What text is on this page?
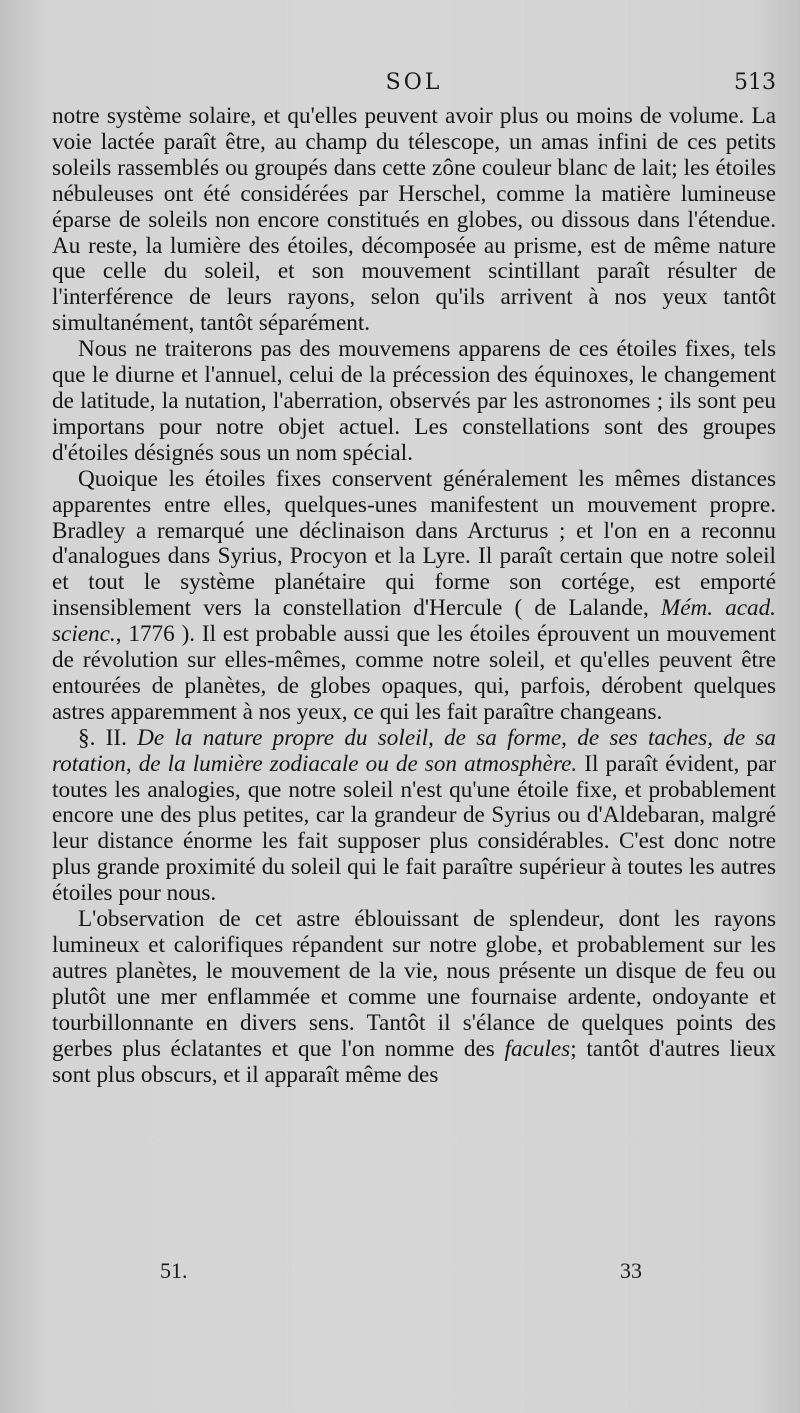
SOL	513

notre système solaire, et qu'elles peuvent avoir plus ou moins de volume. La voie lactée paraît être, au champ du télescope, un amas infini de ces petits soleils rassemblés ou groupés dans cette zône couleur blanc de lait; les étoiles nébuleuses ont été considérées par Herschel, comme la matière lumineuse éparse de soleils non encore constitués en globes, ou dissous dans l'étendue. Au reste, la lumière des étoiles, décomposée au prisme, est de même nature que celle du soleil, et son mouvement scintillant paraît résulter de l'interférence de leurs rayons, selon qu'ils arrivent à nos yeux tantôt simultanément, tantôt séparément.

Nous ne traiterons pas des mouvemens apparens de ces étoiles fixes, tels que le diurne et l'annuel, celui de la précession des équinoxes, le changement de latitude, la nutation, l'aberration, observés par les astronomes ; ils sont peu importans pour notre objet actuel. Les constellations sont des groupes d'étoiles désignés sous un nom spécial.

Quoique les étoiles fixes conservent généralement les mêmes distances apparentes entre elles, quelques-unes manifestent un mouvement propre. Bradley a remarqué une déclinaison dans Arcturus ; et l'on en a reconnu d'analogues dans Syrius, Procyon et la Lyre. Il paraît certain que notre soleil et tout le système planétaire qui forme son cortége, est emporté insensiblement vers la constellation d'Hercule ( de Lalande, Mém. acad. scienc., 1776 ). Il est probable aussi que les étoiles éprouvent un mouvement de révolution sur elles-mêmes, comme notre soleil, et qu'elles peuvent être entourées de planètes, de globes opaques, qui, parfois, dérobent quelques astres apparemment à nos yeux, ce qui les fait paraître changeans.

§. II. De la nature propre du soleil, de sa forme, de ses taches, de sa rotation, de la lumière zodiacale ou de son atmosphère. Il paraît évident, par toutes les analogies, que notre soleil n'est qu'une étoile fixe, et probablement encore une des plus petites, car la grandeur de Syrius ou d'Aldebaran, malgré leur distance énorme les fait supposer plus considérables. C'est donc notre plus grande proximité du soleil qui le fait paraître supérieur à toutes les autres étoiles pour nous.

L'observation de cet astre éblouissant de splendeur, dont les rayons lumineux et calorifiques répandent sur notre globe, et probablement sur les autres planètes, le mouvement de la vie, nous présente un disque de feu ou plutôt une mer enflammée et comme une fournaise ardente, ondoyante et tourbillonnante en divers sens. Tantôt il s'élance de quelques points des gerbes plus éclatantes et que l'on nomme des facules; tantôt d'autres lieux sont plus obscurs, et il apparaît même des

51.	33
